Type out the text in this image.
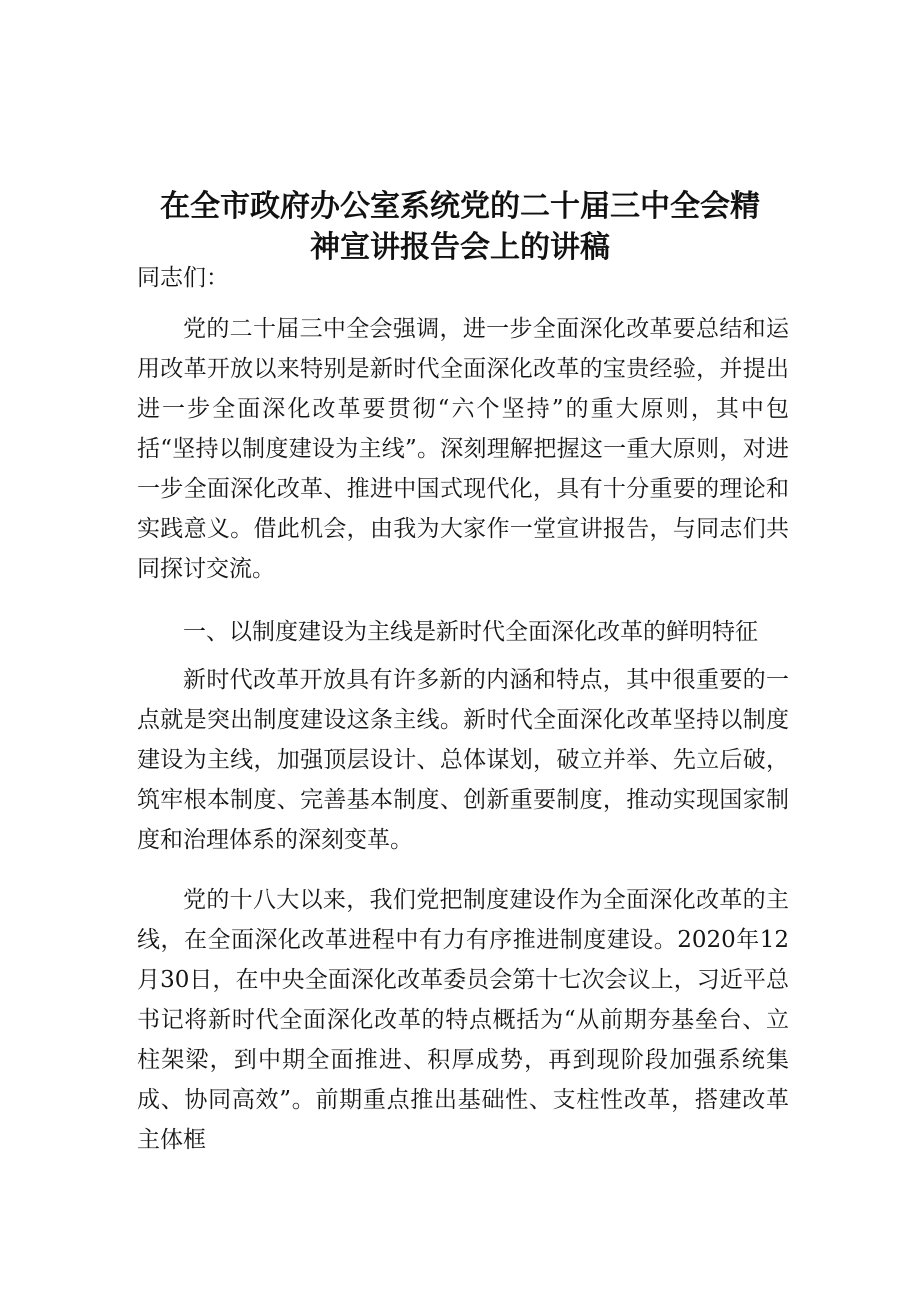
在全市政府办公室系统党的二十届三中全会精
神宣讲报告会上的讲稿

同志们：

党的二十届三中全会强调，进一步全面深化改革要总结和运用改革开放以来特别是新时代全面深化改革的宝贵经验，并提出进一步全面深化改革要贯彻“六个坚持”的重大原则，其中包括“坚持以制度建设为主线”。深刻理解把握这一重大原则，对进一步全面深化改革、推进中国式现代化，具有十分重要的理论和实践意义。借此机会，由我为大家作一堂宣讲报告，与同志们共同探讨交流。

一、以制度建设为主线是新时代全面深化改革的鲜明特征

新时代改革开放具有许多新的内涵和特点，其中很重要的一点就是突出制度建设这条主线。新时代全面深化改革坚持以制度建设为主线，加强顶层设计、总体谋划，破立并举、先立后破，筑牢根本制度、完善基本制度、创新重要制度，推动实现国家制度和治理体系的深刻变革。

党的十八大以来，我们党把制度建设作为全面深化改革的主线，在全面深化改革进程中有力有序推进制度建设。2020年12月30日，在中央全面深化改革委员会第十七次会议上，习近平总书记将新时代全面深化改革的特点概括为“从前期夯基垒台、立柱架梁，到中期全面推进、积厚成势，再到现阶段加强系统集成、协同高效”。前期重点推出基础性、支柱性改革，搭建改革主体框
